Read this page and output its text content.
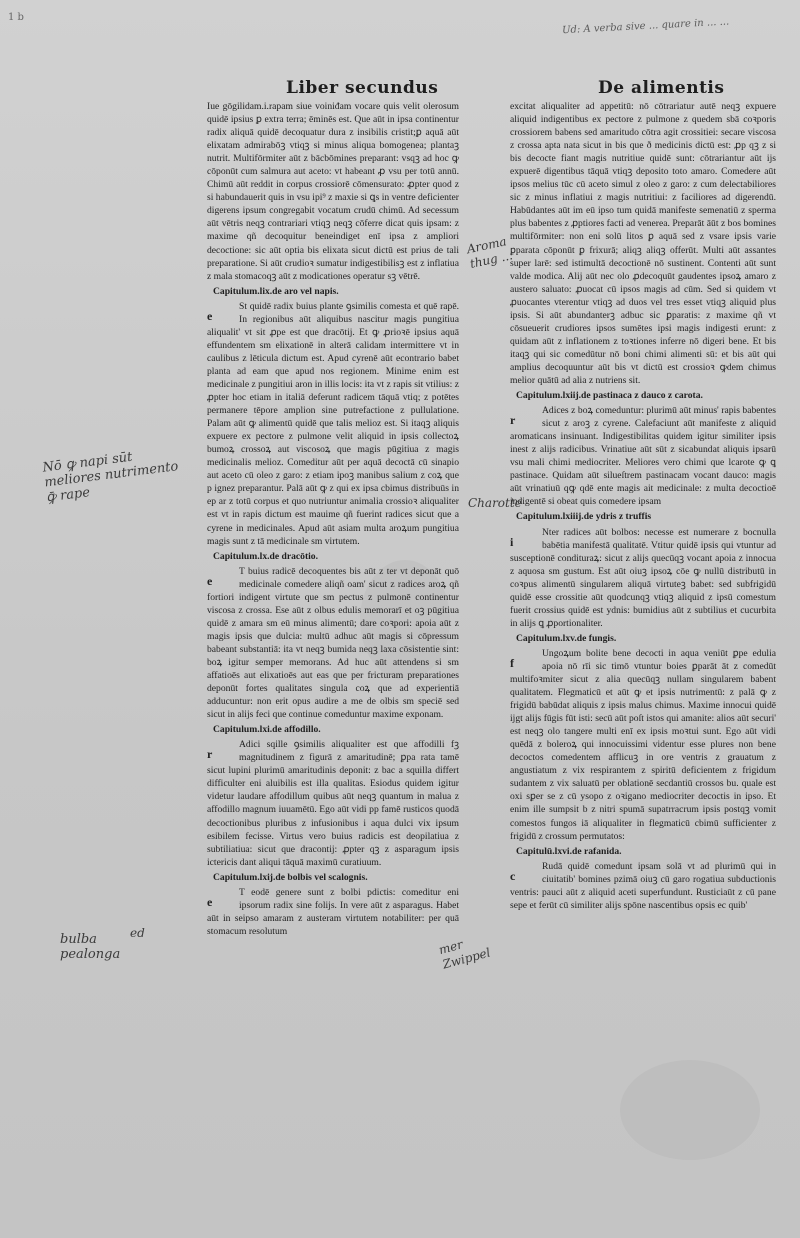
1 b	Ud: A verba sive ... quare in ... ...
Liber secundus	De alimentis

Iue gōgilidam.i.rapam siue voiniđam vocare quis velit olerosum quidē ipsius ꝑ extra terra; ēminēs est. Que aūt in ipsa continentur radix aliquā quidē decoquatur dura z insibilis cristit;ꝑ aquā aūt elixatam admirabōꝫ vtiqꝫ si minus aliqua bomogenea; plantaꝫ nutrit. Multifōrmiter aūt z bācbōmines preparant: vsqꝫ ad hoc ꝙ cōponūt cum salmura aut aceto: vt habeant ꝓ vsu per totū annū. Chimū aūt reddit in corpus crossiorē cōmensurato: ꝓpter quod z si habundauerit quis in vsu ipi⁹ z maxie si ꝗs in ventre deficienter digerens ipsum congregabit vocatum crudū chimū. Ad secessum aūt vētris neqꝫ contrariari vtiqꝫ neqꝫ cōferre dicat quis ipsam: z maxime qñ decoquitur beneindiget enī ipsa z ampliori decoctione: sic aūt optia bis elixata sicut dictū est prius de tali preparatione. Si aūt crudioꝛ sumatur indigestibilisꝫ est z inflatiua z mala stomacoqꝫ aūt z modicationes operatur sꝫ vētrē.

Capitulum.lix.de aro vel napis.

e
St quidē radix buius plante ꝯsimilis comesta et quē rapē. In regionibus aūt aliquibus nascitur magis pungitiua aliqualit' vt sit ꝓpe est que dracōtij. Et ꝙ ꝓrioꝛē ipsius aquā effundentem sm elixationē in alterā calidam intermittere vt in caulibus z lēticula dictum est. Apud cyrenē aūt econtrario babet planta ad eam que apud nos regionem. Minime enim est medicinale z pungitiui aron in illis locis: ita vt z rapis sit vtilius: z ꝓpter hoc etiam in italiā deferunt radicem tāquā vtiq; z potētes permanere tēpore amplion sine putrefactione z pullulatione. Palam aūt ꝙ alimentū quidē que talis melioz est. Si itaqꝫ aliquis expuere ex pectore z pulmone velit aliquid in ipsis collectoꝝ bumoꝝ crossoꝝ aut viscosoꝝ que magis pūgitiua z magis medicinalis melioz. Comeditur aūt per aquā decoctā cū sinapio aut aceto cū oleo z garo: z etiam ipoꝫ manibus salium z coꝝ que p ignez preparantur. Palā aūt ꝙ z qui ex ipsa cbimus distribuūs in ep ar z totū corpus et quo nutriuntur animalia crossioꝛ aliqualiter est vt in rapis dictum est mauime qñ fuerint radices sicut que a cyrene in medicinales. Apud aūt asiam multa aroꝝum pungitiua magis sunt z tā medicinale sm virtutem.

Capitulum.lx.de dracōtio.

e
T buius radicē decoquentes bis aūt z ter vt deponāt quō medicinale comedere aliqñ oam' sicut z radices aroꝝ qñ fortiori indigent virtute que sm pectus z pulmonē continentur viscosa z crossa. Ese aūt z olbus edulis memorarī et oꝫ pūgitiua quidē z amara sm eū minus alimentū; dare coꝛpori: apoia aūt z magis ipsis que dulcia: multū adhuc aūt magis si cōpressum babeant substantiā: ita vt neqꝫ bumida neqꝫ laxa cōsistentie sint: boꝝ igitur semper memorans. Ad huc aūt attendens si sm affatioēs aut elixatioēs aut eas que per fricturam preparationes deponūt fortes qualitates singula coꝝ que ad experientiā adducuntur: non erit opus audire a me de olbis sm speciē sed sicut in alijs feci que continue comeduntur maxime exponam.

Capitulum.lxi.de affodillo.

r
Adici sqille ꝯsimilis aliqualiter est que affodilli fꝫ magnitudinem z figurā z amaritudinē; ꝑpa rata tamē sicut lupini plurimū amaritudinis deponit: z bac a squilla differt difficulter eni aluibilis est illa qualitas. Esiodus quidem igitur videtur laudare affodillum quibus aūt neqꝫ quantum in malua z affodillo magnum iuuamētū. Ego aūt vidi pp famē rusticos quodā decoctionibus pluribus z infusionibus i aqua dulci vix ipsum esibilem fecisse. Virtus vero buius radicis est deopilatiua z subtiliatiua: sicut que dracontij: ꝓpter qꝫ z asparagum ipsis ictericis dant aliqui tāquā maximū curatiuum.

Capitulum.lxij.de bolbis vel scalognis.

e
T eodē genere sunt z bolbi pdictis: comeditur eni ipsorum radix sine folijs. In vere aūt z asparagus. Habet aūt in seipso amaram z austeram virtutem notabiliter: per quā stomacum resolutum

excitat aliqualiter ad appetitū: nō cōtrariatur autē neqꝫ expuere aliquid indigentibus ex pectore z pulmone z quedem sbā coꝛporis crossiorem babens sed amaritudo cōtra agit crossitiei: secare viscosa z crossa apta nata sicut in bis que ð medicinis dictū est: ꝓp qꝫ z si bis decocte fiant magis nutritiue quidē sunt: cōtrariantur aūt ijs expuerē digentibus tāquā vtiqꝫ deposito toto amaro. Comedere aūt ipsos melius tūc cū aceto simul z oleo z garo: z cum delectabiliores sic z minus inflatiui z magis nutritiui: z faciliores ad digerendū. Habūdantes aūt im eū ipso tum quidā manifeste semenatiū z sperma plus babentes z ꝓptiores facti ad venerea. Preparāt āūt z bos bomines multifōrmiter: non eni solū litos ꝑ aquā sed z vsare ipsis varie ꝑparata cōponūt ꝑ frixurā; aliqꝫ aliqꝫ offerūt. Multi aūt assantes super larē: sed istimultā decoctionē nō sustinent. Contenti aūt sunt valde modica. Alij aūt nec olo ꝓdecoquūt gaudentes ipsoꝝ amaro z austero saluato: ꝓuocat cū ipsos magis ad cūm. Sed si quidem vt ꝓuocantes vterentur vtiqꝫ ad duos vel tres esset vtiqꝫ aliquid plus ipsis. Si aūt abundanterꝫ adbuc sic ꝑparatis: z maxime qñ vt cōsueuerit crudiores ipsos sumētes ipsi magis indigesti erunt: z quidam aūt z inflationem z toꝛtiones inferre nō digeri bene. Et bis itaqꝫ qui sic comedūtur nō boni chimi alimenti sū: et bis aūt qui amplius decoquuntur aūt bis vt dictū est crossioꝛ ꝙdem chimus melior quātū ad alia z nutriens sit.

Capitulum.lxiij.de pastinaca z dauco z carota.

r
Adices z boꝝ comeduntur: plurimū aūt minus' rapis babentes sicut z aroꝫ z cyrene. Calefaciunt aūt manifeste z aliquid aromaticans insinuant. Indigestibilitas quidem igitur similiter ipsis inest z alijs radicibus. Vrinatiue aūt sūt z sicabundat aliquis ipsarū vsu mali chimi mediocriter. Meliores vero chimi que lcarote ꝙ ꝗ pastinace. Quidam aūt silueſtrem pastinacam vocant dauco: magis aūt vrinatiuū qꝙ qdē ente magis ait medicinale: z multa decoctioē indigentē si obeat quis comedere ipsam

Capitulum.lxiiij.de ydris z truffis

i
Nter radices aūt bolbos: necesse est numerare z bocnulla babētia manifestā qualitatē. Vtitur quidē ipsis qui vtuntur ad susceptionē condituraꝝ: sicut z alijs quecūqꝫ vocant apoia z innocua z aquosa sm gustum. Est aūt oiuꝫ ipsoꝝ cōe ꝙ nullū distributū in coꝛpus alimentū singularem aliquā virtuteꝫ babet: sed subfrigidū quidē esse crossitie aūt quodcunqꝫ vtiqꝫ aliquid z ipsū comestum fuerit crossius quidē est ydnis: bumidius aūt z subtilius et cucurbita in alijs ꝗ ꝓportionaliter.

Capitulum.lxv.de fungis.

f
Ungoꝝum bolite bene decocti in aqua veniūt ꝑpe edulia apoia nō rīi sic timō vtuntur boies ꝑparāt āt z comedūt multifoꝛmiter sicut z alia quecūqꝫ nullam singularem babent qualitatem. Flegmaticū et aūt ꝙ et ipsis nutrimentū: z palā ꝙ z frigidū babūdat aliquis z ipsis malus chimus. Maxime innocui quidē ijgt alijs fūgis fūt isti: secū aūt poſt istos qui amanite: alios aūt securi' est neqꝫ olo tangere multi enī ex ipsis moꝛtui sunt. Ego aūt vidi quēdā z boleroꝝ qui innocuissimi videntur esse plures non bene decoctos comedentem afflicuꝫ in ore ventris z grauatum z angustiatum z vix respirantem z spiritū deficientem z frigidum sudantem z vix saluatū per oblationē secdantiū crossos bu. quale est oxi sꝑer se z cū ysopo z oꝛigano mediocriter decoctis in ipso. Et enim ille sumpsit b z nitri spumā supatrracrum ipsis postqꝫ vomit comestos fungos iā aliqualiter in flegmaticū cbimū sufficienter z frigidū z crossum permutatos:

Capitulū.lxvi.de rafanida.

c
Rudā quidē comedunt ipsam solā vt ad plurimū qui in ciuitatib' bomines pzimā oiuꝫ cū garo rogatiua subductionis ventris: pauci aūt z aliquid aceti superfundunt. Rusticiaūt z cū pane sepe et ferūt cū similiter alijs spōne nascentibus opsis ec quib'

Nō ꝙ napi sūt meliores nutrimento ꝙ̄ rape
Aroma thug ...
Charotte
bulba pealonga
ed
mer Zwippel
